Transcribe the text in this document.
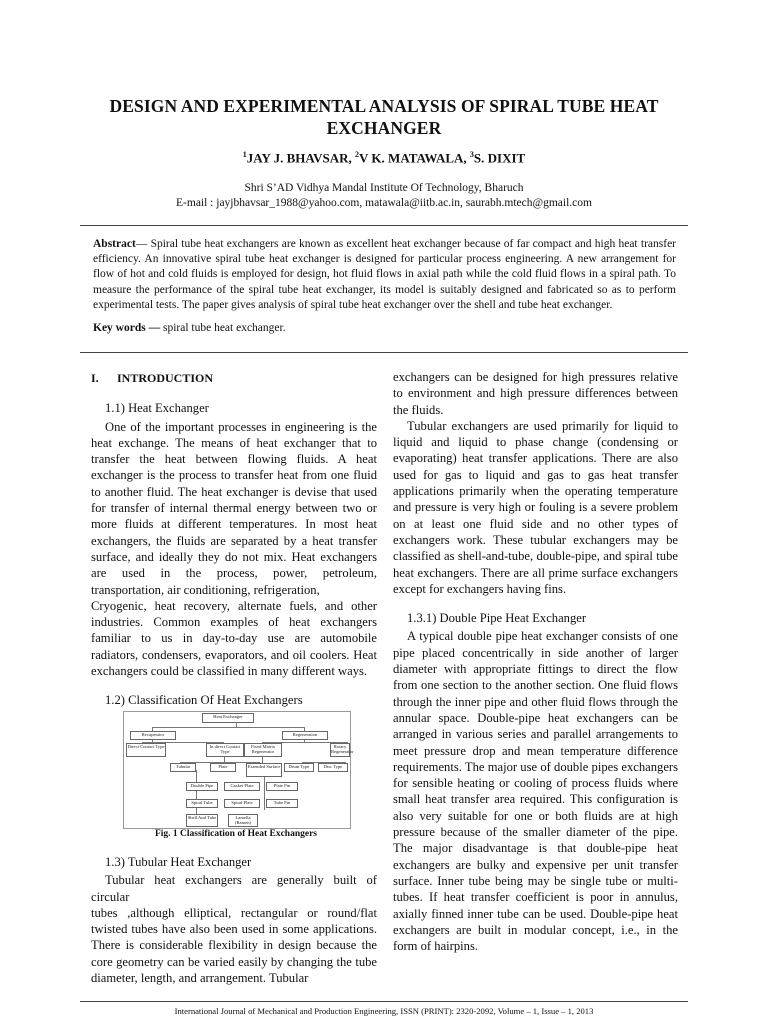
DESIGN AND EXPERIMENTAL ANALYSIS OF SPIRAL TUBE HEAT
EXCHANGER
$^1$JAY J. BHAVSAR, $^2$V K. MATAWALA, $^3$S. DIXIT
Shri S’AD Vidhya Mandal Institute Of Technology, Bharuch
E-mail : jayjbhavsar_1988@yahoo.com, matawala@iitb.ac.in, saurabh.mtech@gmail.com
Abstract— Spiral tube heat exchangers are known as excellent heat exchanger because of far compact and high heat transfer efficiency. An innovative spiral tube heat exchanger is designed for particular process engineering. A new arrangement for flow of hot and cold fluids is employed for design, hot fluid flows in axial path while the cold fluid flows in a spiral path. To measure the performance of the spiral tube heat exchanger, its model is suitably designed and fabricated so as to perform experimental tests. The paper gives analysis of spiral tube heat exchanger over the shell and tube heat exchanger.
Key words — spiral tube heat exchanger.
I.	INTRODUCTION

1.1) Heat Exchanger

One of the important processes in engineering is the heat exchange. The means of heat exchanger that to transfer the heat between flowing fluids. A heat exchanger is the process to transfer heat from one fluid to another fluid. The heat exchanger is devise that used for transfer of internal thermal energy between two or more fluids at different temperatures. In most heat exchangers, the fluids are separated by a heat transfer surface, and ideally they do not mix. Heat exchangers are used in the process, power, petroleum, transportation, air conditioning, refrigeration,

Cryogenic, heat recovery, alternate fuels, and other industries. Common examples of heat exchangers familiar to us in day-to-day use are automobile radiators, condensers, evaporators, and oil coolers. Heat exchangers could be classified in many different ways.

1.2) Classification Of Heat Exchangers

Heat Exchanger
Recuperator	Regeneration
Direct Contact Type	In direct Contact Type
Fixed Matrix Regenerator
Rotary Regenerator
Tubular	Plate	Extended Surface	Drum Type	Disc Type
Double Pipe	Gasket Plate	Plate Fin
Spiral Tube	Spiral Plate	Tube Fin
Shell And Tube	Lamella (Ramen)
Fig. 1 Classification of Heat Exchangers

1.3) Tubular Heat Exchanger

Tubular heat exchangers are generally built of circular

tubes ,although elliptical, rectangular or round/flat twisted tubes have also been used in some applications. There is considerable flexibility in design because the core geometry can be varied easily by changing the tube diameter, length, and arrangement. Tubular

exchangers can be designed for high pressures relative to environment and high pressure differences between the fluids.

Tubular exchangers are used primarily for liquid to liquid and liquid to phase change (condensing or evaporating) heat transfer applications. There are also used for gas to liquid and gas to gas heat transfer applications primarily when the operating temperature and pressure is very high or fouling is a severe problem on at least one fluid side and no other types of exchangers work. These tubular exchangers may be classified as shell-and-tube, double-pipe, and spiral tube heat exchangers. There are all prime surface exchangers except for exchangers having fins.

1.3.1) Double Pipe Heat Exchanger

A typical double pipe heat exchanger consists of one pipe placed concentrically in side another of larger diameter with appropriate fittings to direct the flow from one section to the another section. One fluid flows through the inner pipe and other fluid flows through the annular space. Double-pipe heat exchangers can be arranged in various series and parallel arrangements to meet pressure drop and mean temperature difference requirements. The major use of double pipes exchangers for sensible heating or cooling of process fluids where small heat transfer area required. This configuration is also very suitable for one or both fluids are at high pressure because of the smaller diameter of the pipe. The major disadvantage is that double-pipe heat exchangers are bulky and expensive per unit transfer surface. Inner tube being may be single tube or multi-tubes. If heat transfer coefficient is poor in annulus, axially finned inner tube can be used. Double-pipe heat exchangers are built in modular concept, i.e., in the form of hairpins.

International Journal of Mechanical and Production Engineering, ISSN (PRINT): 2320-2092, Volume – 1, Issue – 1, 2013
